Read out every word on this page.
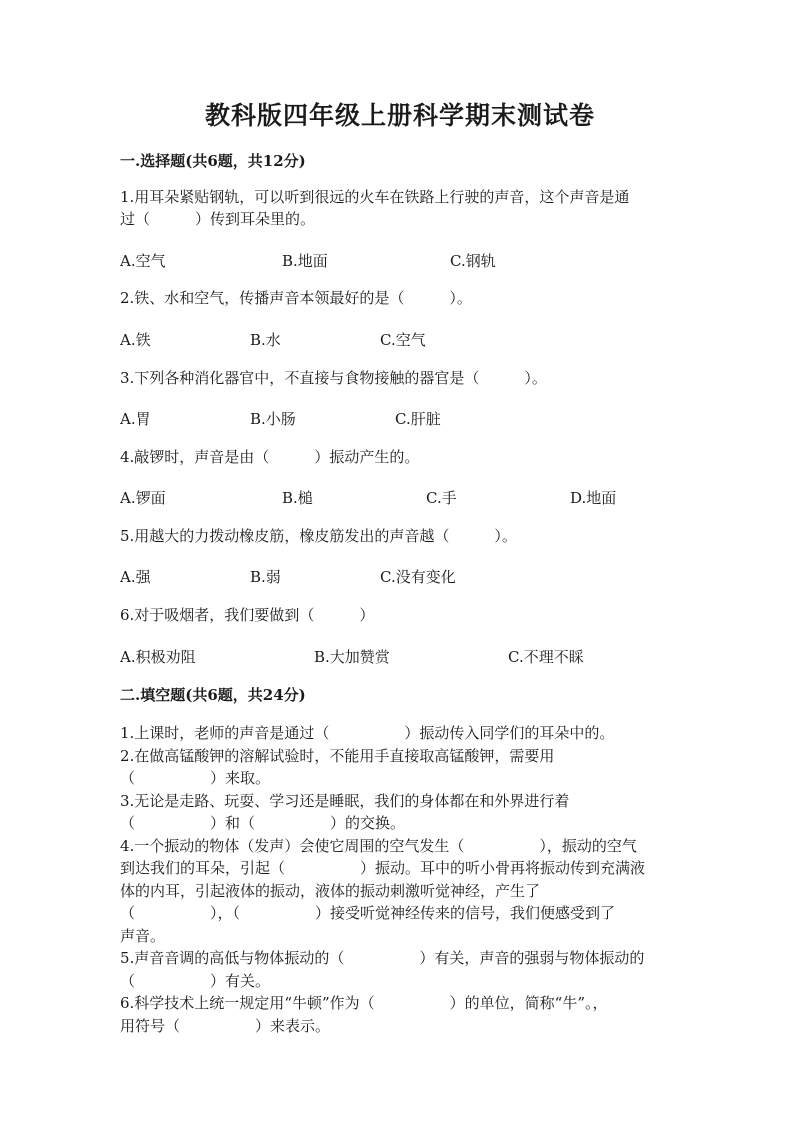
教科版四年级上册科学期末测试卷
一.选择题(共6题，共12分)
1.用耳朵紧贴钢轨，可以听到很远的火车在铁路上行驶的声音，这个声音是通
过（　　　）传到耳朵里的。
A.空气	B.地面	C.钢轨
2.铁、水和空气，传播声音本领最好的是（　　　）。
A.铁	B.水	C.空气
3.下列各种消化器官中，不直接与食物接触的器官是（　　　）。
A.胃	B.小肠	C.肝脏
4.敲锣时，声音是由（　　　）振动产生的。
A.锣面	B.槌	C.手	D.地面
5.用越大的力拨动橡皮筋，橡皮筋发出的声音越（　　　）。
A.强	B.弱	C.没有变化
6.对于吸烟者，我们要做到（　　　）
A.积极劝阻	B.大加赞赏	C.不理不睬
二.填空题(共6题，共24分)
1.上课时，老师的声音是通过（　　　　　）振动传入同学们的耳朵中的。
2.在做高锰酸钾的溶解试验时，不能用手直接取高锰酸钾，需要用
（　　　　　）来取。
3.无论是走路、玩耍、学习还是睡眠，我们的身体都在和外界进行着
（　　　　　）和（　　　　　）的交换。
4.一个振动的物体（发声）会使它周围的空气发生（　　　　　），振动的空气
到达我们的耳朵，引起（　　　　　）振动。耳中的听小骨再将振动传到充满液
体的内耳，引起液体的振动，液体的振动刺激听觉神经，产生了
（　　　　　），（　　　　　）接受听觉神经传来的信号，我们便感受到了
声音。
5.声音音调的高低与物体振动的（　　　　　）有关，声音的强弱与物体振动的
（　　　　　）有关。
6.科学技术上统一规定用“牛顿”作为（　　　　　）的单位，简称“牛”。，
用符号（　　　　　）来表示。
